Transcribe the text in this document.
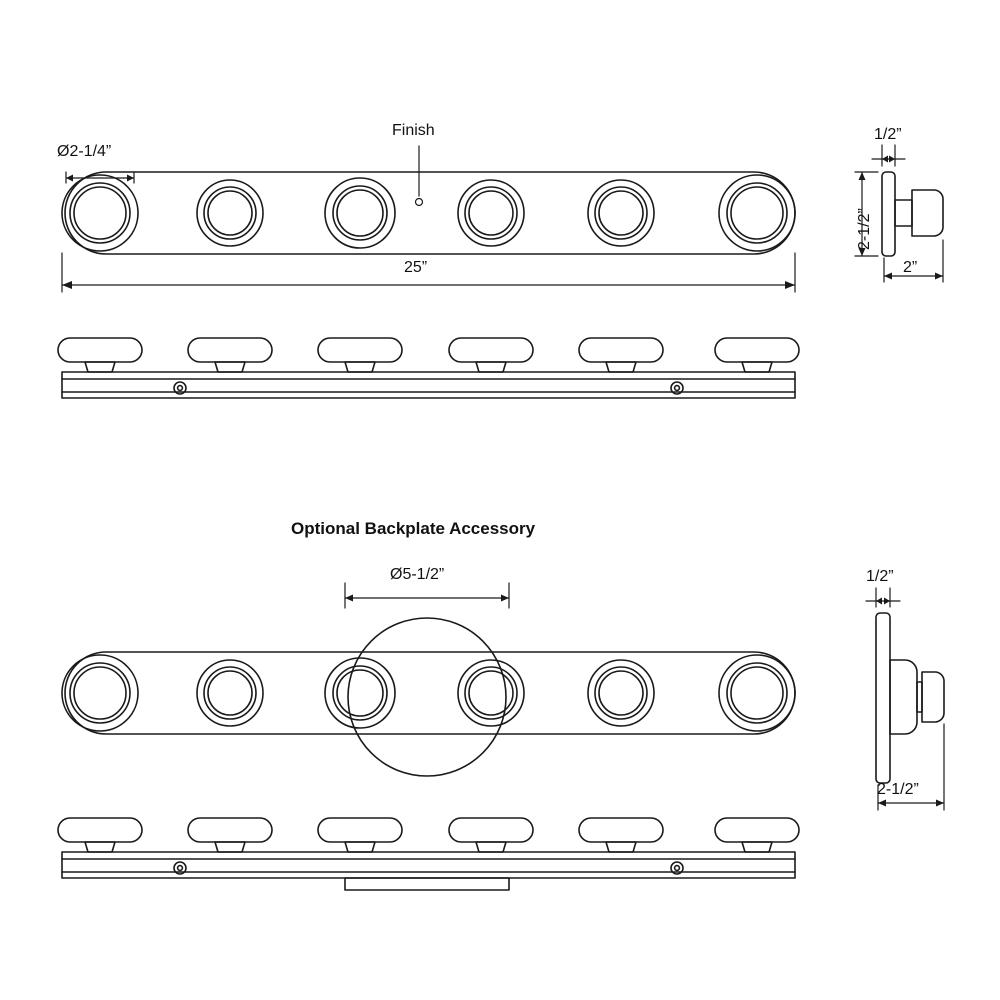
Finish
Ø2-1/4”
25”
1/2”
2-1/2”
2”
Optional Backplate Accessory
Ø5-1/2”	1/2”
2-1/2”
